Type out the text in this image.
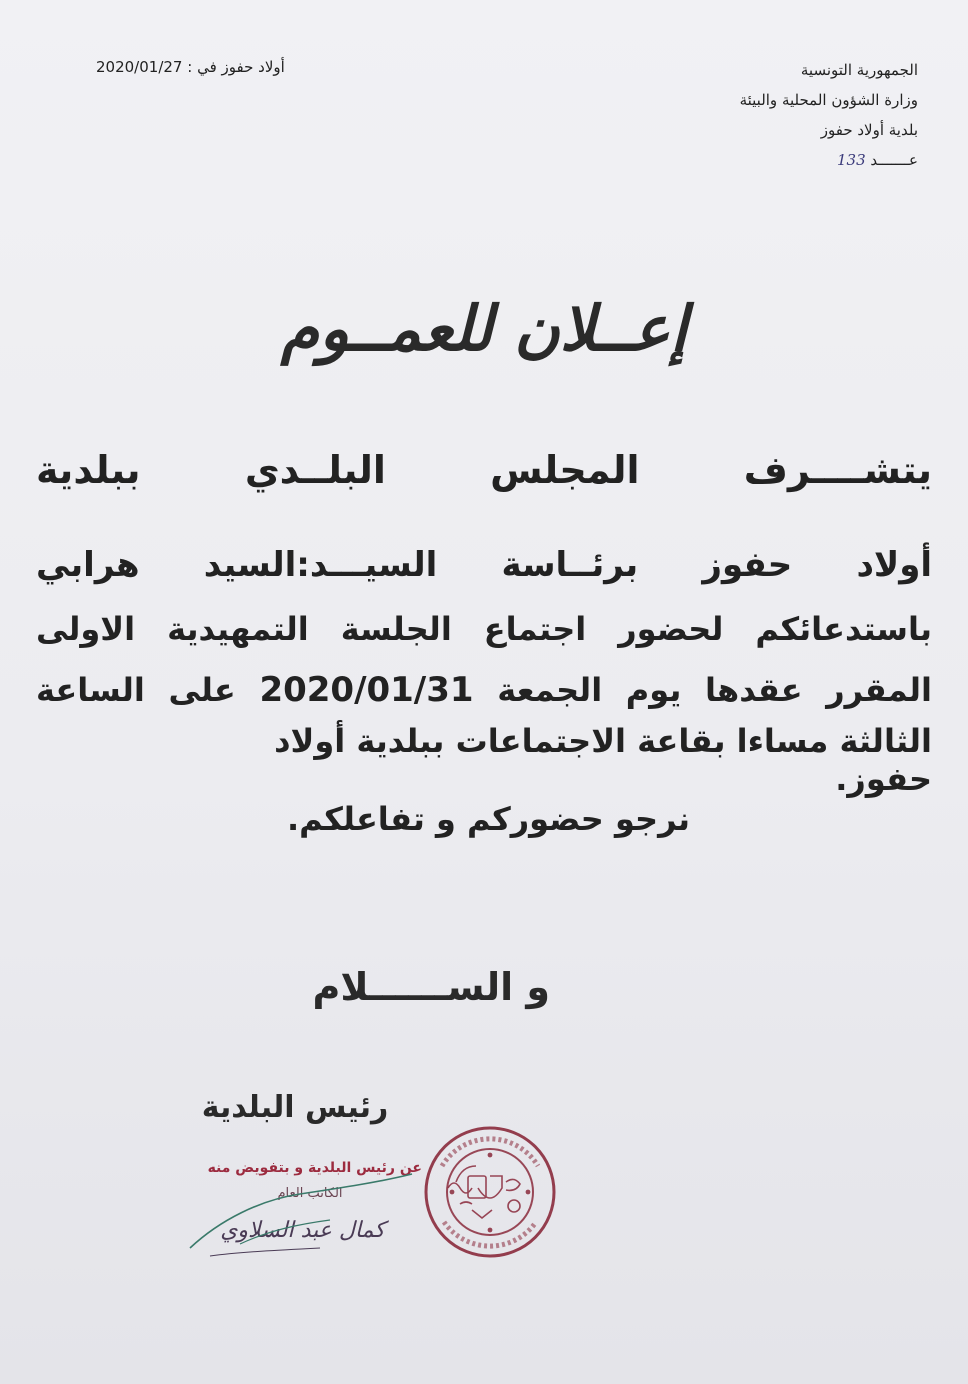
الجمهورية التونسية
وزارة الشؤون المحلية والبيئة
بلدية أولاد حفوز
عـــــــد 133
2020/01/27 أولاد حفوز في :
إعــلان للعمــوم
يتشــــرف المجلس البلــدي ببلدية
أولاد حفوز برئــاسة السيـــد:السيد هرابي
باستدعائكم لحضور اجتماع الجلسة التمهيدية الاولى
المقرر عقدها يوم الجمعة 2020/01/31 على الساعة
الثالثة مساءا بقاعة الاجتماعات ببلدية أولاد حفوز.
نرجو حضوركم و تفاعلكم.
و الســــــلام
رئيس البلدية
عن رئيس البلدية و بتفويض منه
الكاتب العام
كمال عبد السلاوي
